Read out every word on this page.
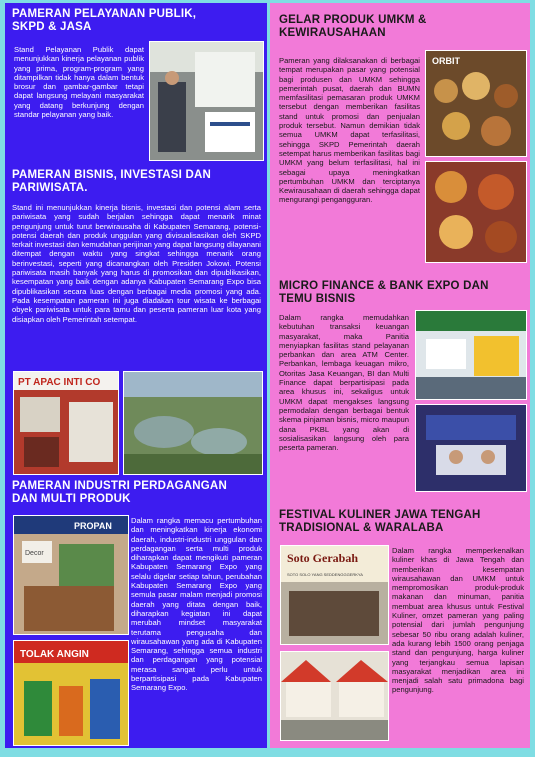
PAMERAN PELAYANAN PUBLIK,
SKPD & JASA
Stand Pelayanan Publik dapat menunjukkan kinerja pelayanan publik yang prima, program-program yang ditampilkan tidak hanya dalam bentuk brosur dan gambar-gambar tetapi dapat langsung melayani masyarakat yang datang berkunjung dengan standar pelayanan yang baik.
PAMERAN BISNIS, INVESTASI DAN
PARIWISATA.
Stand ini menunjukkan kinerja bisnis, investasi dan potensi alam serta pariwisata yang sudah berjalan sehingga dapat menarik minat pengunjung untuk turut berwirausaha di Kabupaten Semarang, potensi-potensi daerah dan produk unggulan yang divisualisasikan oleh SKPD terkait investasi dan kemudahan perijinan yang dapat langsung dilayanani ditempat dengan waktu yang singkat sehingga menarik orang berinvestasi, seperti yang dicanangkan oleh Presiden Jokowi. Potensi pariwisata masih banyak yang harus di promosikan dan dipublikasikan, kesempatan yang baik dengan adanya Kabupaten Semarang Expo bisa dipublikasikan secara luas dengan berbagai media promosi yang ada. Pada kesempatan pameran ini juga diadakan tour wisata ke berbagai obyek pariwisata untuk para tamu dan peserta pameran luar kota yang disiapkan oleh Pemerintah setempat.
PT APAC INTI CO
PAMERAN INDUSTRI PERDAGANGAN
DAN MULTI PRODUK
PROPAN
Decor
TOLAK ANGIN
Dalam rangka memacu pertumbuhan dan meningkatkan kinerja ekonomi daerah, industri-industri unggulan dan perdagangan serta multi produk diharapkan dapat mengikuti pameran Kabupaten Semarang Expo yang selalu digelar setiap tahun, perubahan Kabupaten Semarang Expo yang semula pasar malam menjadi promosi daerah yang ditata dengan baik, diharapkan kegiatan ini dapat merubah mindset masyarakat terutama pengusaha dan wirausahawan yang ada di Kabupaten Semarang, sehingga semua industri dan perdagangan yang potensial merasa sangat perlu untuk berpartisipasi pada Kabupaten Semarang Expo.
GELAR PRODUK UMKM &
KEWIRAUSAHAAN
Pameran yang dilaksanakan di berbagai tempat merupakan pasar yang potensial bagi produsen dan UMKM sehingga pemerintah pusat, daerah dan BUMN memfasilitasi pemasaran produk UMKM tersebut dengan memberikan fasilitas stand untuk promosi dan penjualan produk tersebut. Namun demikian tidak semua UMKM dapat terfasilitasi, sehingga SKPD Pemerintah daerah setempat harus memberikan fasilitas bagi UMKM yang belum terfasilitasi, hal ini sebagai upaya meningkatkan pertumbuhan UMKM dan terciptanya Kewirausahaan di daerah sehingga dapat mengurangi pengangguran.
ORBIT
MICRO FINANCE & BANK EXPO DAN
TEMU BISNIS
Dalam rangka memudahkan kebutuhan transaksi keuangan masyarakat, maka Panitia menyiapkan fasilitas stand pelayanan perbankan dan area ATM Center. Perbankan, lembaga keuagan mikro, Otoritas Jasa Keuangan, BI dan Multi Finance dapat berpartisipasi pada area khusus ini, sekaligus untuk UMKM dapat mengakses langsung permodalan dengan berbagai bentuk skema pinjaman bisnis, micro maupun dana PKBL yang akan di sosialisasikan langsung oleh para peserta pameran.
FESTIVAL KULINER JAWA TENGAH
TRADISIONAL & WARALABA
Soto Gerabah
SOTO SOLO YANG SEDDENGGGERKYA
Dalam rangka memperkenalkan kuliner khas di Jawa Tengah dan memberikan kesempatan wirausahawan dan UMKM untuk mempromosikan produk-produk makanan dan minuman, panitia membuat area khusus untuk Festival Kuliner, omzet pameran yang paling potensial dari jumlah pengunjung sebesar 50 ribu orang adalah kuliner, ada kurang lebih 1500 orang penjaga stand dan pengunjung, harga kuliner yang terjangkau semua lapisan masyarakat menjadikan area ini menjadi salah satu primadona bagi pengunjung.
